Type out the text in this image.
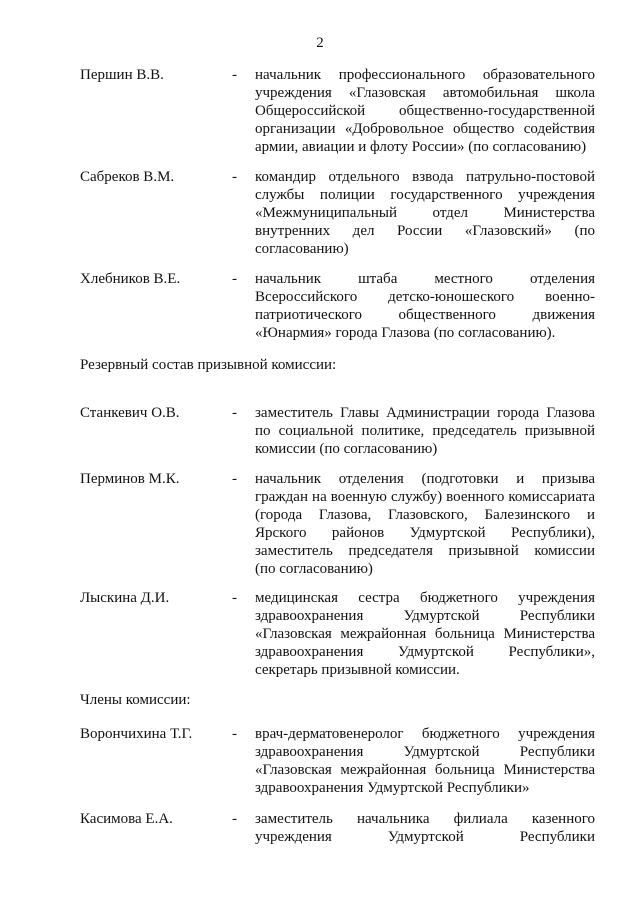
2
Першин В.В.	- начальник профессионального образовательного
учреждения «Глазовская автомобильная школа
Общероссийской общественно-государственной
организации «Добровольное общество содействия
армии, авиации и флоту России» (по согласованию)
Сабреков В.М.	- командир отдельного взвода патрульно-постовой
службы полиции государственного учреждения
«Межмуниципальный отдел Министерства
внутренних дел России «Глазовский» (по
согласованию)
Хлебников В.Е.	- начальник штаба местного отделения
Всероссийского детско-юношеского военно-
патриотического общественного движения
«Юнармия» города Глазова (по согласованию).
Резервный состав призывной комиссии:
Станкевич О.В.	- заместитель Главы Администрации города Глазова
по социальной политике, председатель призывной
комиссии (по согласованию)
Перминов М.К.	- начальник отделения (подготовки и призыва
граждан на военную службу) военного комиссариата
(города Глазова, Глазовского, Балезинского и
Ярского районов Удмуртской Республики),
заместитель председателя призывной комиссии
(по согласованию)
Лыскина Д.И.	- медицинская сестра бюджетного учреждения
здравоохранения Удмуртской Республики
«Глазовская межрайонная больница Министерства
здравоохранения Удмуртской Республики»,
секретарь призывной комиссии.
Члены комиссии:
Ворончихина Т.Г.	- врач-дерматовенеролог бюджетного учреждения
здравоохранения Удмуртской Республики
«Глазовская межрайонная больница Министерства
здравоохранения Удмуртской Республики»
Касимова Е.А.	- заместитель начальника филиала казенного
учреждения Удмуртской Республики
